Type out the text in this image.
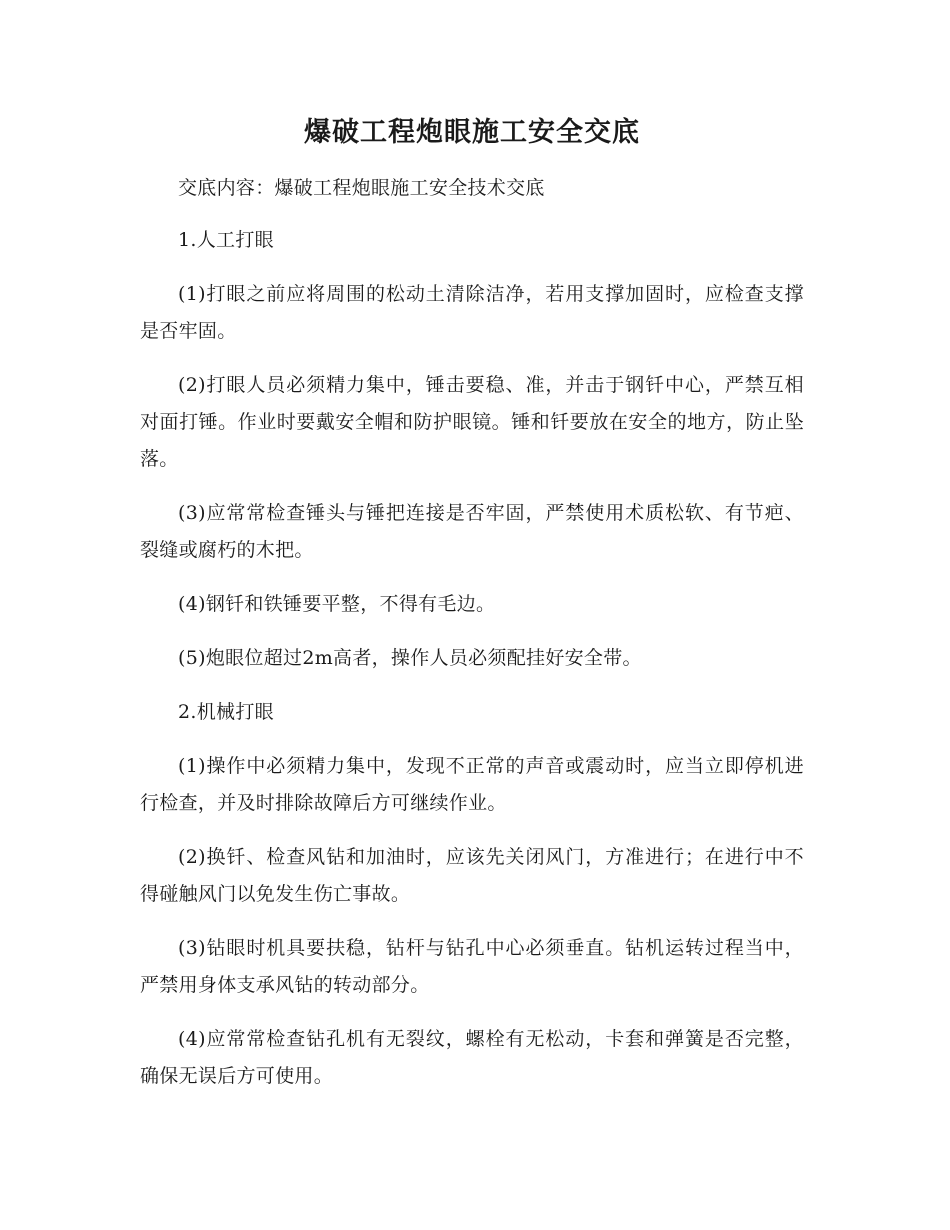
爆破工程炮眼施工安全交底

交底内容：爆破工程炮眼施工安全技术交底

1.人工打眼

(1)打眼之前应将周围的松动土清除洁净，若用支撑加固时，应检查支撑是否牢固。

(2)打眼人员必须精力集中，锤击要稳、准，并击于钢钎中心，严禁互相对面打锤。作业时要戴安全帽和防护眼镜。锤和钎要放在安全的地方，防止坠落。

(3)应常常检查锤头与锤把连接是否牢固，严禁使用术质松软、有节疤、裂缝或腐朽的木把。

(4)钢钎和铁锤要平整，不得有毛边。

(5)炮眼位超过2m高者，操作人员必须配挂好安全带。

2.机械打眼

(1)操作中必须精力集中，发现不正常的声音或震动时，应当立即停机进行检查，并及时排除故障后方可继续作业。

(2)换钎、检查风钻和加油时，应该先关闭风门，方准进行；在进行中不得碰触风门以免发生伤亡事故。

(3)钻眼时机具要扶稳，钻杆与钻孔中心必须垂直。钻机运转过程当中，严禁用身体支承风钻的转动部分。

(4)应常常检查钻孔机有无裂纹，螺栓有无松动，卡套和弹簧是否完整，确保无误后方可使用。
